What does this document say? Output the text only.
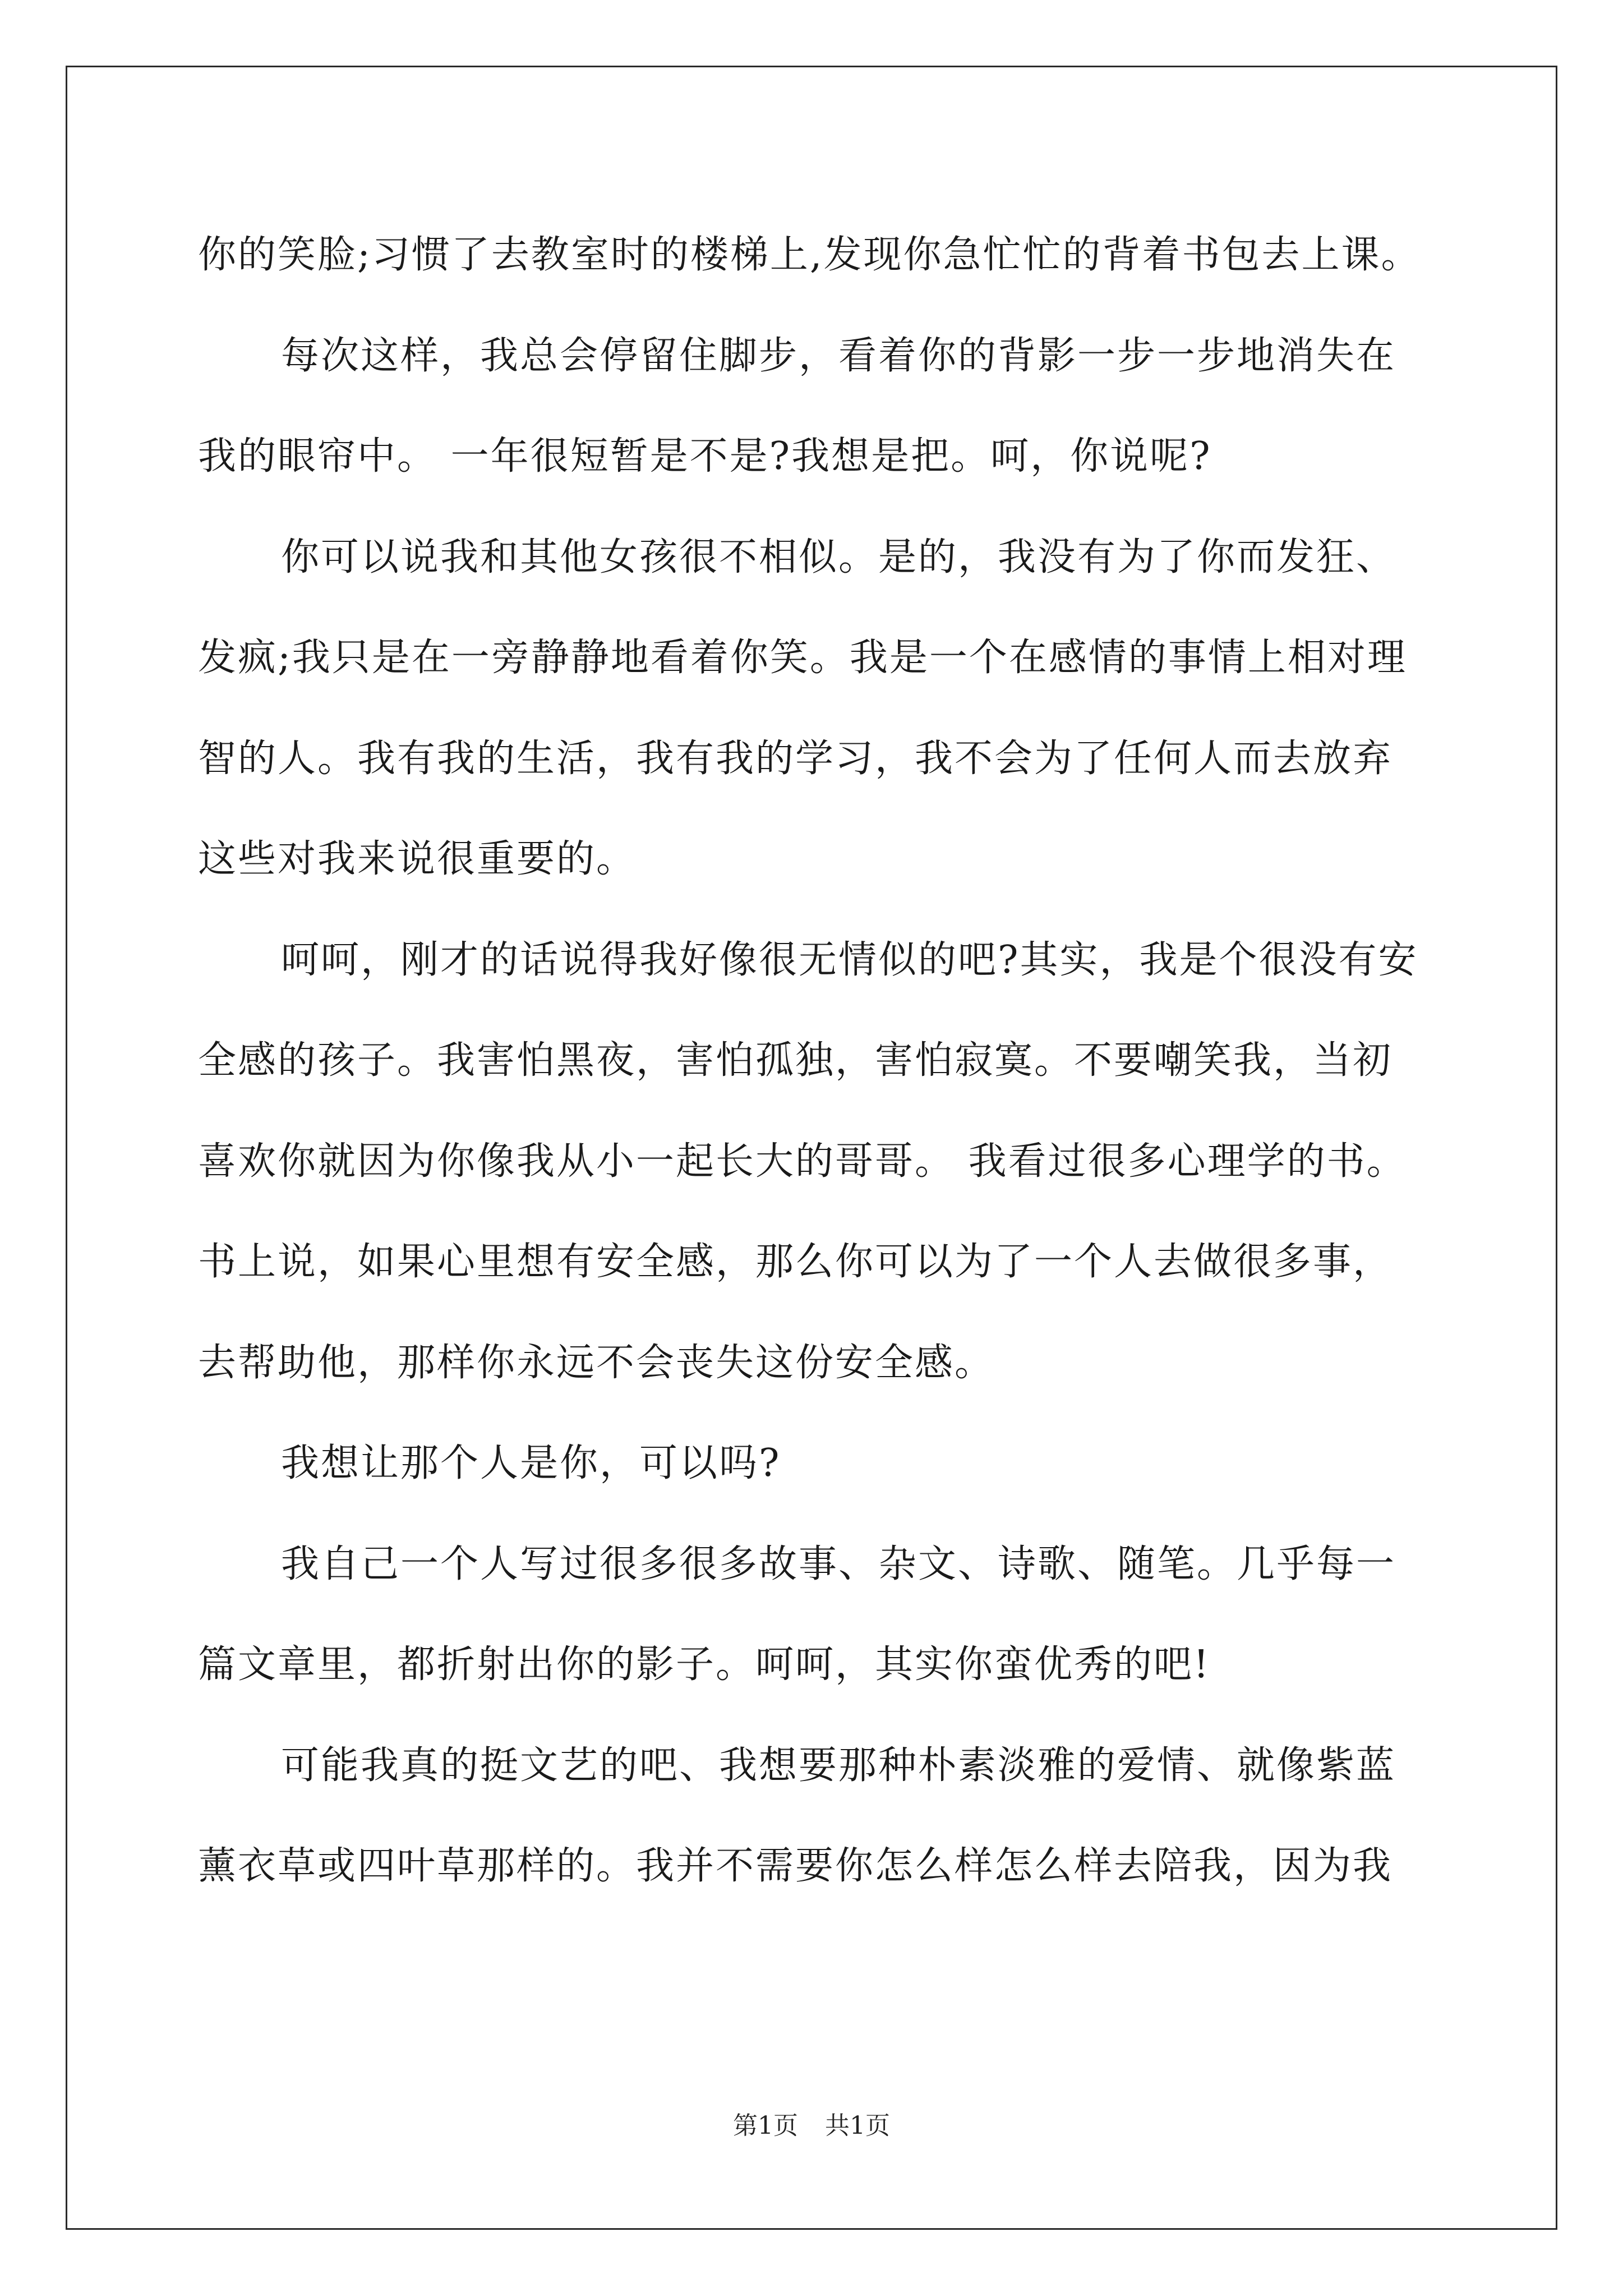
你的笑脸;习惯了去教室时的楼梯上,发现你急忙忙的背着书包去上课。
每次这样，我总会停留住脚步，看着你的背影一步一步地消失在
我的眼帘中。 一年很短暂是不是?我想是把。呵，你说呢?
你可以说我和其他女孩很不相似。是的，我没有为了你而发狂、
发疯;我只是在一旁静静地看着你笑。我是一个在感情的事情上相对理
智的人。我有我的生活，我有我的学习，我不会为了任何人而去放弃
这些对我来说很重要的。
呵呵，刚才的话说得我好像很无情似的吧?其实，我是个很没有安
全感的孩子。我害怕黑夜，害怕孤独，害怕寂寞。不要嘲笑我，当初
喜欢你就因为你像我从小一起长大的哥哥。 我看过很多心理学的书。
书上说，如果心里想有安全感，那么你可以为了一个人去做很多事，
去帮助他，那样你永远不会丧失这份安全感。
我想让那个人是你，可以吗?
我自己一个人写过很多很多故事、杂文、诗歌、随笔。几乎每一
篇文章里，都折射出你的影子。呵呵，其实你蛮优秀的吧!
可能我真的挺文艺的吧、我想要那种朴素淡雅的爱情、就像紫蓝
薰衣草或四叶草那样的。我并不需要你怎么样怎么样去陪我，因为我
第1页 共1页
